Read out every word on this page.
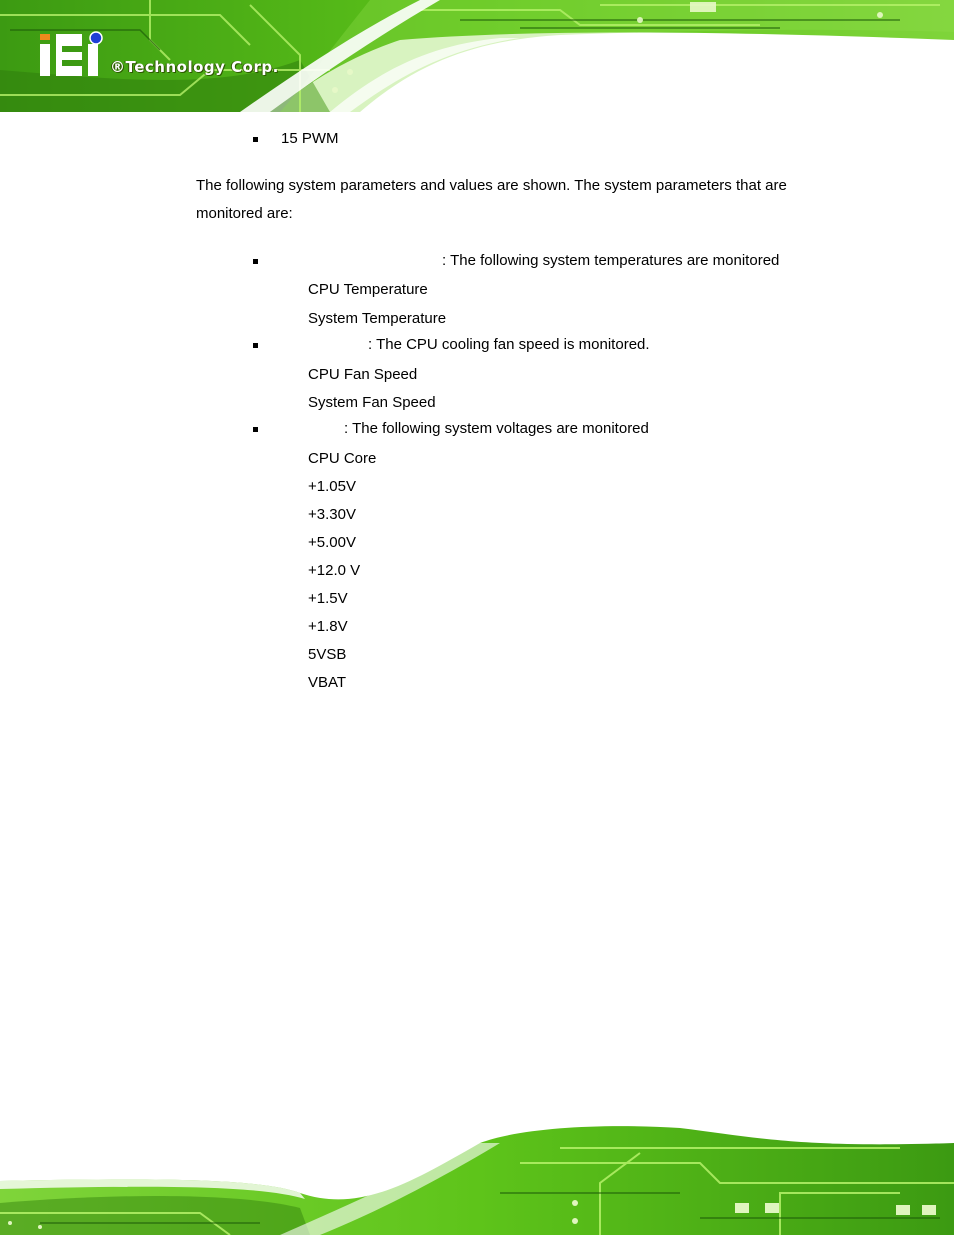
®Technology Corp.
15 PWM
The following system parameters and values are shown. The system parameters that are
monitored are:
: The following system temperatures are monitored
CPU Temperature
System Temperature
: The CPU cooling fan speed is monitored.
CPU Fan Speed
System Fan Speed
: The following system voltages are monitored
CPU Core
+1.05V
+3.30V
+5.00V
+12.0 V
+1.5V
+1.8V
5VSB
VBAT
